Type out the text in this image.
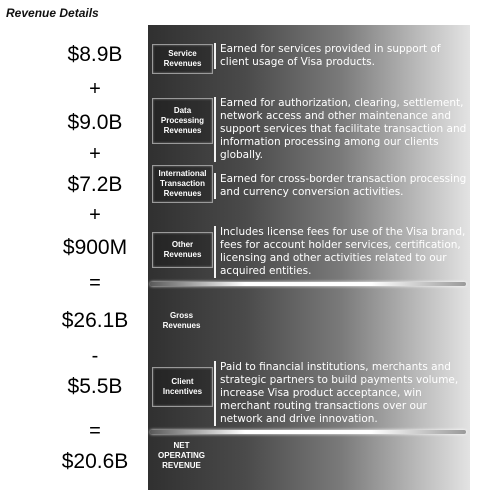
Revenue Details
$8.9B
+
$9.0B
+
$7.2B
+
$900M
=
$26.1B
-
$5.5B
=
$20.6B
Service Revenues
Data Processing Revenues
International Transaction Revenues
Other Revenues
Gross Revenues
Client Incentives
NET OPERATING REVENUE
Earned for services provided in support of client usage of Visa products.
Earned for authorization, clearing, settlement, network access and other maintenance and support services that facilitate transaction and information processing among our clients globally.
Earned for cross-border transaction processing and currency conversion activities.
Includes license fees for use of the Visa brand, fees for account holder services, certification, licensing and other activities related to our acquired entities.
Paid to financial institutions, merchants and strategic partners to build payments volume, increase Visa product acceptance, win merchant routing transactions over our network and drive innovation.
